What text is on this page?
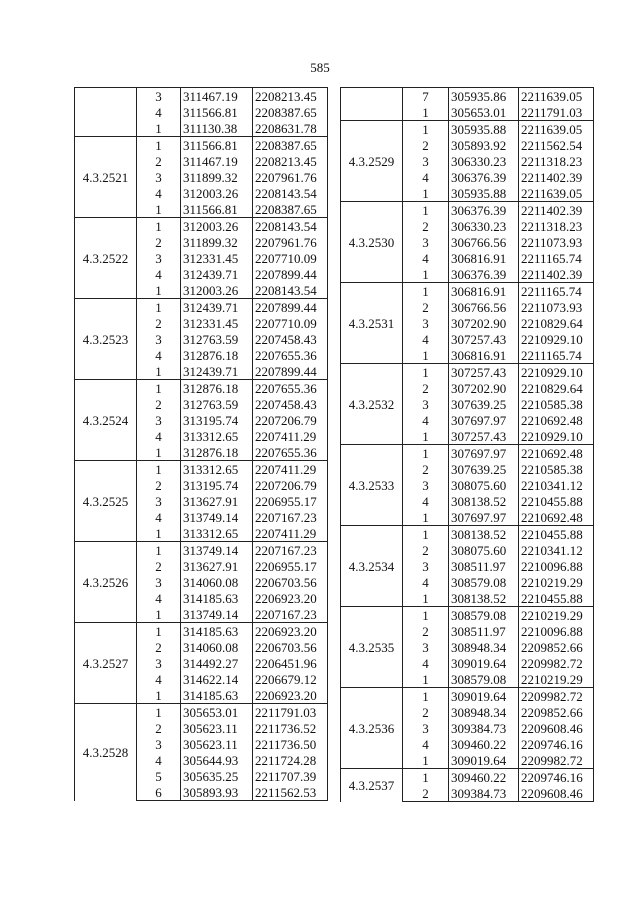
585
	3	311467.19	2208213.45
	4	311566.81	2208387.65
	1	311130.38	2208631.78
4.3.2521	1	311566.81	2208387.65
	2	311467.19	2208213.45
	3	311899.32	2207961.76
	4	312003.26	2208143.54
	1	311566.81	2208387.65
4.3.2522	1	312003.26	2208143.54
	2	311899.32	2207961.76
	3	312331.45	2207710.09
	4	312439.71	2207899.44
	1	312003.26	2208143.54
4.3.2523	1	312439.71	2207899.44
	2	312331.45	2207710.09
	3	312763.59	2207458.43
	4	312876.18	2207655.36
	1	312439.71	2207899.44
4.3.2524	1	312876.18	2207655.36
	2	312763.59	2207458.43
	3	313195.74	2207206.79
	4	313312.65	2207411.29
	1	312876.18	2207655.36
4.3.2525	1	313312.65	2207411.29
	2	313195.74	2207206.79
	3	313627.91	2206955.17
	4	313749.14	2207167.23
	1	313312.65	2207411.29
4.3.2526	1	313749.14	2207167.23
	2	313627.91	2206955.17
	3	314060.08	2206703.56
	4	314185.63	2206923.20
	1	313749.14	2207167.23
4.3.2527	1	314185.63	2206923.20
	2	314060.08	2206703.56
	3	314492.27	2206451.96
	4	314622.14	2206679.12
	1	314185.63	2206923.20
4.3.2528	1	305653.01	2211791.03
	2	305623.11	2211736.52
	3	305623.11	2211736.50
	4	305644.93	2211724.28
	5	305635.25	2211707.39
	6	305893.93	2211562.53
	7	305935.86	2211639.05
	1	305653.01	2211791.03
4.3.2529	1	305935.88	2211639.05
	2	305893.92	2211562.54
	3	306330.23	2211318.23
	4	306376.39	2211402.39
	1	305935.88	2211639.05
4.3.2530	1	306376.39	2211402.39
	2	306330.23	2211318.23
	3	306766.56	2211073.93
	4	306816.91	2211165.74
	1	306376.39	2211402.39
4.3.2531	1	306816.91	2211165.74
	2	306766.56	2211073.93
	3	307202.90	2210829.64
	4	307257.43	2210929.10
	1	306816.91	2211165.74
4.3.2532	1	307257.43	2210929.10
	2	307202.90	2210829.64
	3	307639.25	2210585.38
	4	307697.97	2210692.48
	1	307257.43	2210929.10
4.3.2533	1	307697.97	2210692.48
	2	307639.25	2210585.38
	3	308075.60	2210341.12
	4	308138.52	2210455.88
	1	307697.97	2210692.48
4.3.2534	1	308138.52	2210455.88
	2	308075.60	2210341.12
	3	308511.97	2210096.88
	4	308579.08	2210219.29
	1	308138.52	2210455.88
4.3.2535	1	308579.08	2210219.29
	2	308511.97	2210096.88
	3	308948.34	2209852.66
	4	309019.64	2209982.72
	1	308579.08	2210219.29
4.3.2536	1	309019.64	2209982.72
	2	308948.34	2209852.66
	3	309384.73	2209608.46
	4	309460.22	2209746.16
	1	309019.64	2209982.72
4.3.2537	1	309460.22	2209746.16
	2	309384.73	2209608.46
